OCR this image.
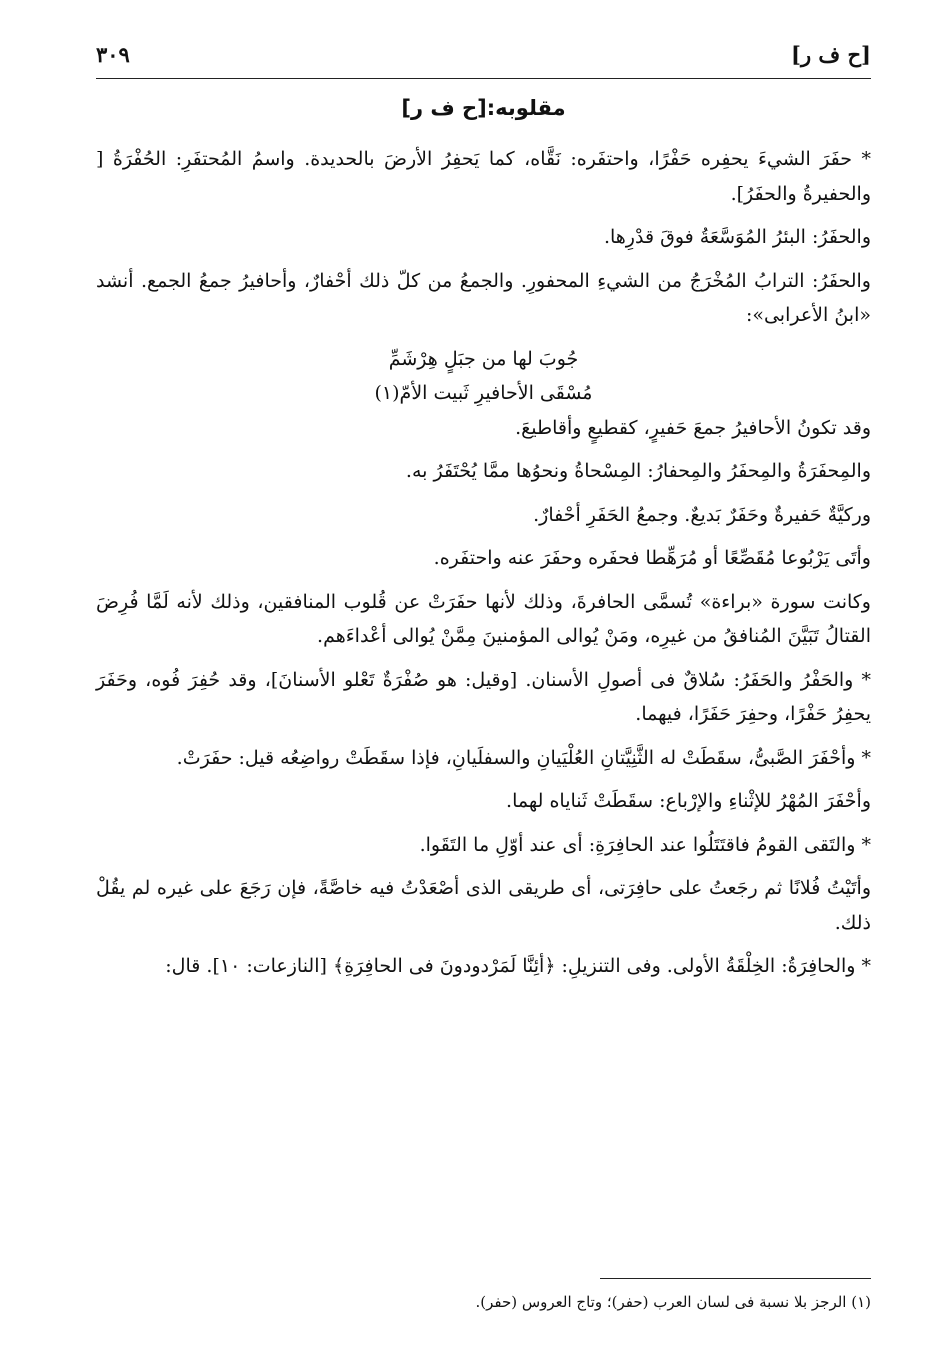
[ح ف ر]
٣٠٩
مقلوبه:[ح ف ر]

* حفَرَ الشيءَ يحفِره حَفْرًا، واحتفَره: نَقَّاه، كما يَحفِرُ الأرضَ بالحديدة. واسمُ المُحتفَرِ: الحُفْرَةُ [ والحفيرةُ والحفَرُ].

والحفَرُ: البئرُ المُوَسَّعَةُ فوقَ قدْرِها.

والحفَرُ: الترابُ المُخْرَجُ من الشيءِ المحفورِ. والجمعُ من كلّ ذلك أحْفارٌ، وأحافيرُ جمعُ الجمع. أنشد «ابنُ الأعرابى»:

جُوبَ لها من جبَلٍ هِرْشَمِّ

مُسْقَى الأحافيرِ ثَبيت الأمّ(١)

وقد تكونُ الأحافيرُ جمعَ حَفيرٍ، كقطيعٍ وأقاطيعَ.

والمِحفَرَةُ والمِحفَرُ والمِحفارُ: المِسْحاةُ ونحوُها ممَّا يُحْتَفَرُ به.

وركيَّةٌ حَفيرةٌ وحَفَرٌ بَديعٌ. وجمعُ الحَفَرِ أحْفارٌ.

وأتَى يَرْبُوعا مُقَصِّعًا أو مُرَهِّطا فحفَره وحفَرَ عنه واحتفَره.

وكانت سورة «براءة» تُسمَّى الحافرةَ، وذلك لأنها حفَرَتْ عن قُلوب المنافقين، وذلك لأنه لَمَّا فُرِضَ القتالُ تَبَيَّنَ المُنافقُ من غيرِه، ومَنْ يُوالى المؤمنينَ مِمَّنْ يُوالى أعْداءَهم.

* والحَفْرُ والحَفَرُ: سُلاقٌ فى أصولِ الأسنان. [وقيل: هو صُفْرَةٌ تَعْلو الأسنانَ]، وقد حُفِرَ فُوه، وحَفَرَ يحفِرُ حَفْرًا، وحفِرَ حَفَرًا، فيهما.

* وأحْفَرَ الصَّبىُّ، سقَطَتْ له الثَّنِيَّتانِ العُلْيَيانِ والسفلَيانِ، فإذا سقَطَتْ رواضِعُه قيل: حفَرَتْ.

وأحْفَرَ المُهْرُ للإثْناءِ والإرْباع: سقَطَتْ ثَناياه لهما.

* والتَقى القومُ فاقتَتَلُوا عند الحافِرَةِ: أى عند أوّلِ ما التَقَوا.

وأتَيْتُ فُلانًا ثم رجَعتُ على حافِرَتى، أى طريقى الذى أصْعَدْتُ فيه خاصَّةً، فإن رَجَعَ على غيره لم يقُلْ ذلك.

* والحافِرَةُ: الخِلْقَةُ الأولى. وفى التنزيلِ: ﴿أئِنَّا لَمَرْدودونَ فى الحافِرَةِ﴾ [النازعات: ١٠]. قال:

(١) الرجز بلا نسبة فى لسان العرب (حفر)؛ وتاج العروس (حفر).
